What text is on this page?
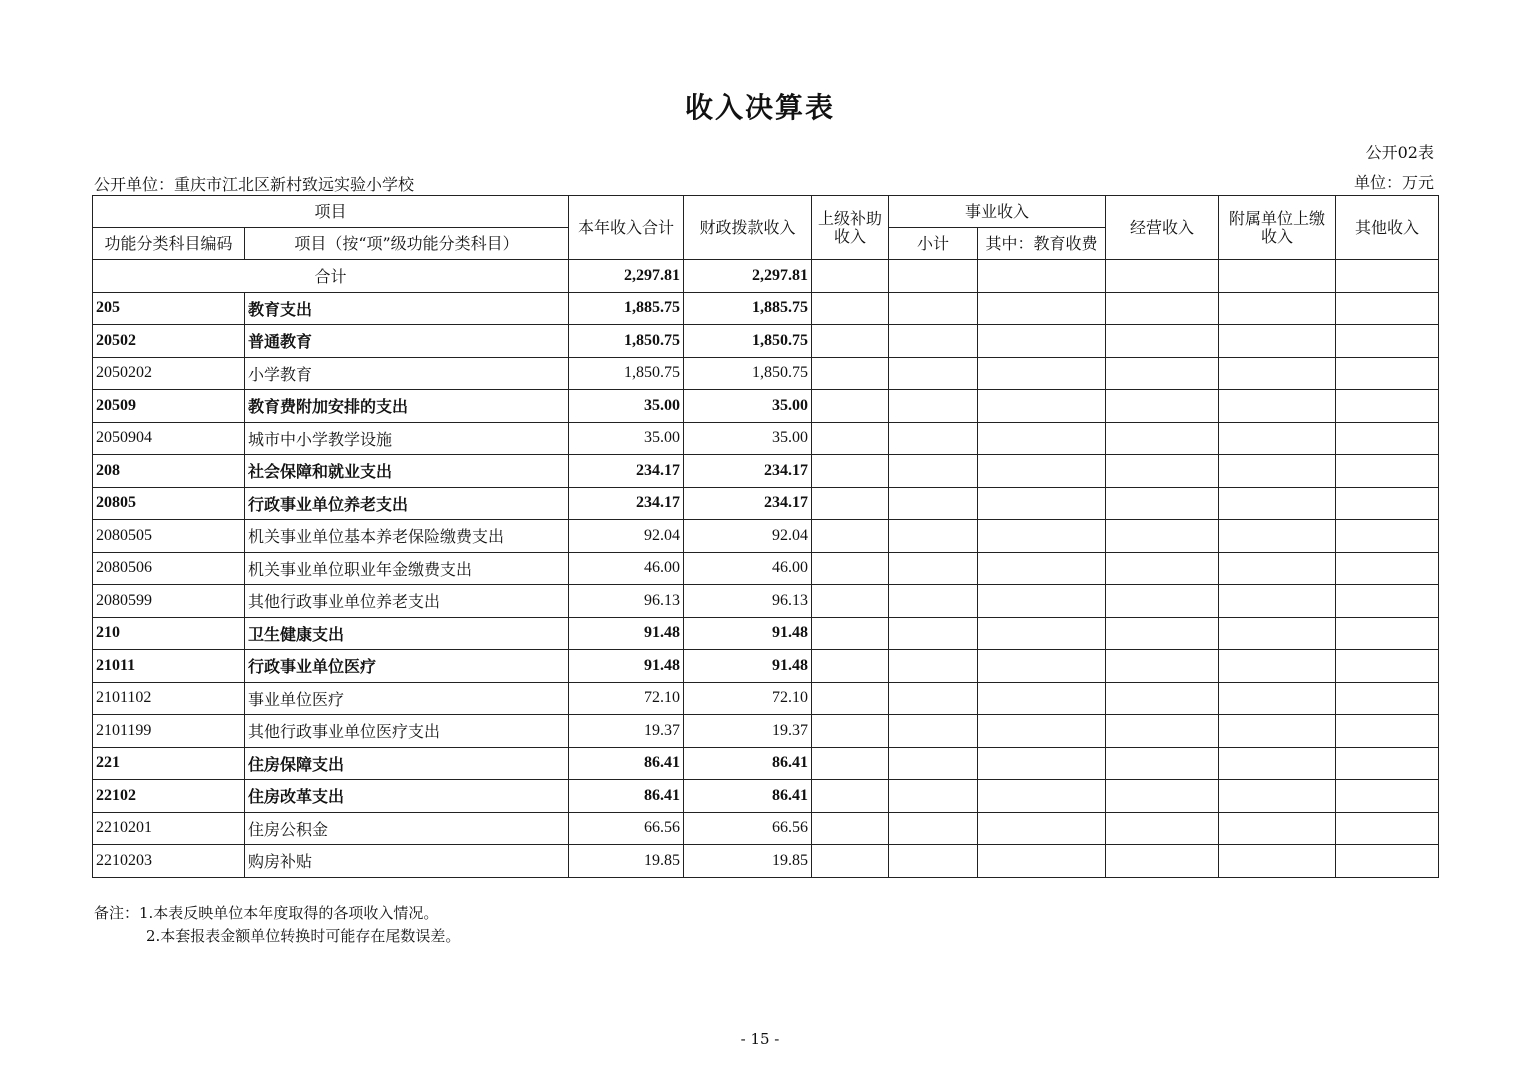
收入决算表
公开02表
公开单位：重庆市江北区新村致远实验小学校	单位：万元
项目		本年收入合计	财政拨款收入	上级补助收入	事业收入		经营收入	附属单位上缴收入	其他收入
功能分类科目编码	项目（按“项”级功能分类科目）				小计	其中：教育收费			
合计		2,297.81	2,297.81						
205	教育支出	1,885.75	1,885.75						
20502	普通教育	1,850.75	1,850.75						
2050202	小学教育	1,850.75	1,850.75						
20509	教育费附加安排的支出	35.00	35.00						
2050904	城市中小学教学设施	35.00	35.00						
208	社会保障和就业支出	234.17	234.17						
20805	行政事业单位养老支出	234.17	234.17						
2080505	机关事业单位基本养老保险缴费支出	92.04	92.04						
2080506	机关事业单位职业年金缴费支出	46.00	46.00						
2080599	其他行政事业单位养老支出	96.13	96.13						
210	卫生健康支出	91.48	91.48						
21011	行政事业单位医疗	91.48	91.48						
2101102	事业单位医疗	72.10	72.10						
2101199	其他行政事业单位医疗支出	19.37	19.37						
221	住房保障支出	86.41	86.41						
22102	住房改革支出	86.41	86.41						
2210201	住房公积金	66.56	66.56						
2210203	购房补贴	19.85	19.85						
备注：1.本表反映单位本年度取得的各项收入情况。
2.本套报表金额单位转换时可能存在尾数误差。
- 15 -
